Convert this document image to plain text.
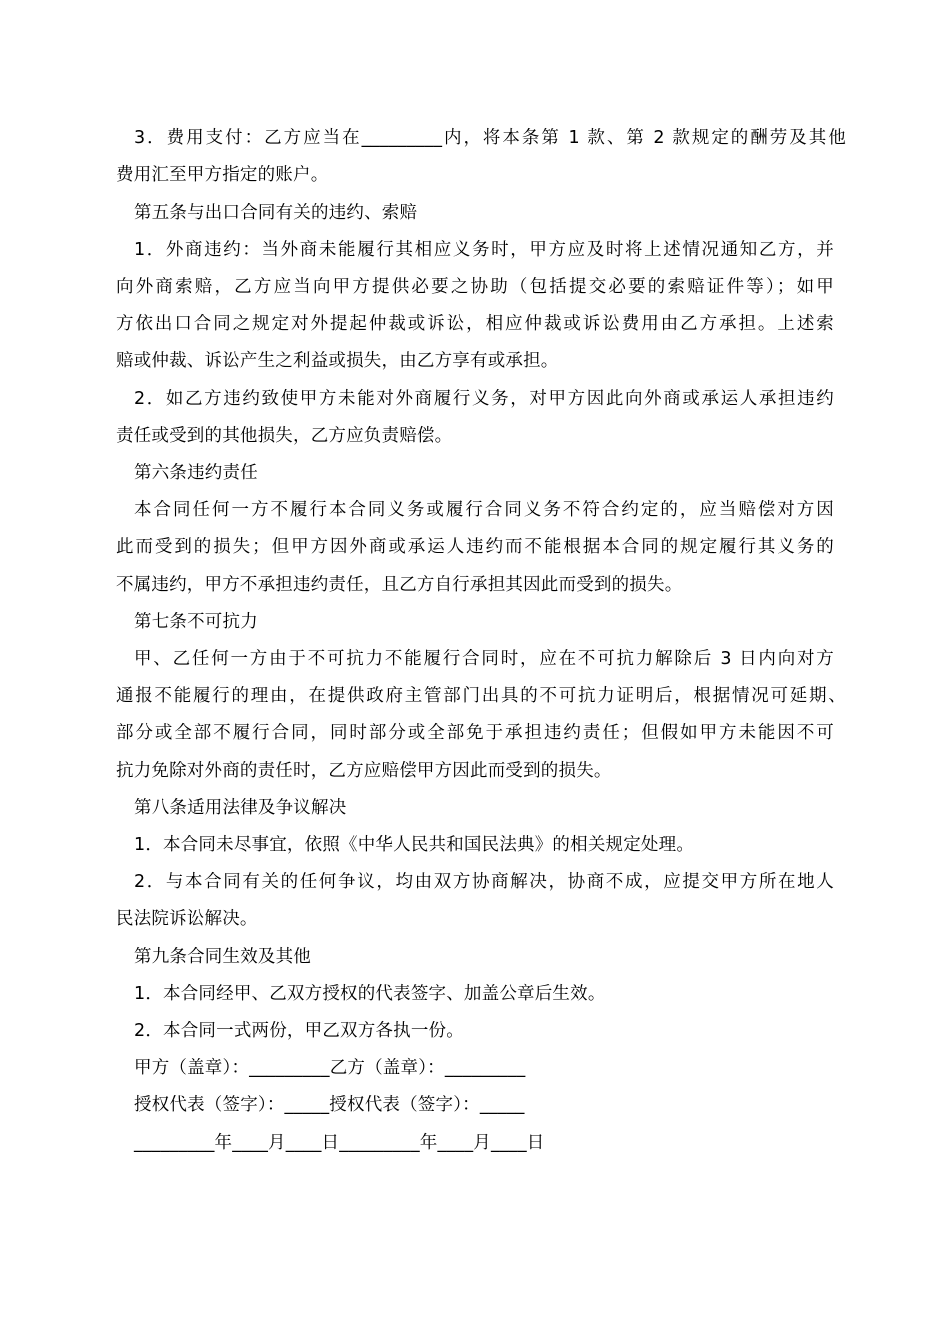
3．费用支付：乙方应当在_________内，将本条第 1 款、第 2 款规定的酬劳及其他
费用汇至甲方指定的账户。
第五条与出口合同有关的违约、索赔
1．外商违约：当外商未能履行其相应义务时，甲方应及时将上述情况通知乙方，并
向外商索赔，乙方应当向甲方提供必要之协助（包括提交必要的索赔证件等）；如甲
方依出口合同之规定对外提起仲裁或诉讼，相应仲裁或诉讼费用由乙方承担。上述索
赔或仲裁、诉讼产生之利益或损失，由乙方享有或承担。
2．如乙方违约致使甲方未能对外商履行义务，对甲方因此向外商或承运人承担违约
责任或受到的其他损失，乙方应负责赔偿。
第六条违约责任
本合同任何一方不履行本合同义务或履行合同义务不符合约定的，应当赔偿对方因
此而受到的损失；但甲方因外商或承运人违约而不能根据本合同的规定履行其义务的
不属违约，甲方不承担违约责任，且乙方自行承担其因此而受到的损失。
第七条不可抗力
甲、乙任何一方由于不可抗力不能履行合同时，应在不可抗力解除后 3 日内向对方
通报不能履行的理由，在提供政府主管部门出具的不可抗力证明后，根据情况可延期、
部分或全部不履行合同，同时部分或全部免于承担违约责任；但假如甲方未能因不可
抗力免除对外商的责任时，乙方应赔偿甲方因此而受到的损失。
第八条适用法律及争议解决
1．本合同未尽事宜，依照《中华人民共和国民法典》的相关规定处理。
2．与本合同有关的任何争议，均由双方协商解决，协商不成，应提交甲方所在地人
民法院诉讼解决。
第九条合同生效及其他
1．本合同经甲、乙双方授权的代表签字、加盖公章后生效。
2．本合同一式两份，甲乙双方各执一份。
甲方（盖章）：_________乙方（盖章）：_________
授权代表（签字）：_____授权代表（签字）：_____
_________年____月____日_________年____月____日
